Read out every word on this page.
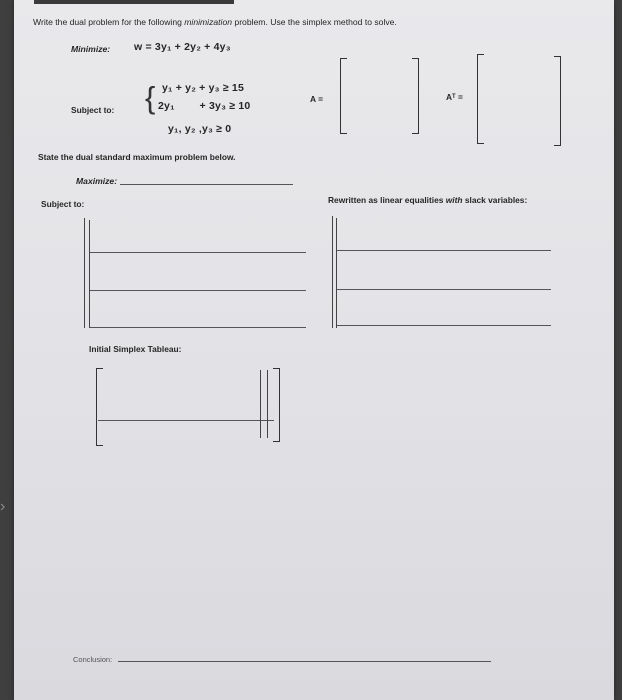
›
Write the dual problem for the following minimization problem. Use the simplex method to solve.
Minimize: w = 3y₁ + 2y₂ + 4y₃
Subject to: { y₁ + y₂ + y₃ ≥ 15
2y₁        + 3y₃ ≥ 10
y₁, y₂ ,y₃ ≥ 0
A =	Aᵀ =
State the dual standard maximum problem below.
Maximize:
Subject to:	Rewritten as linear equalities with slack variables:
Initial Simplex Tableau:
Conclusion:
